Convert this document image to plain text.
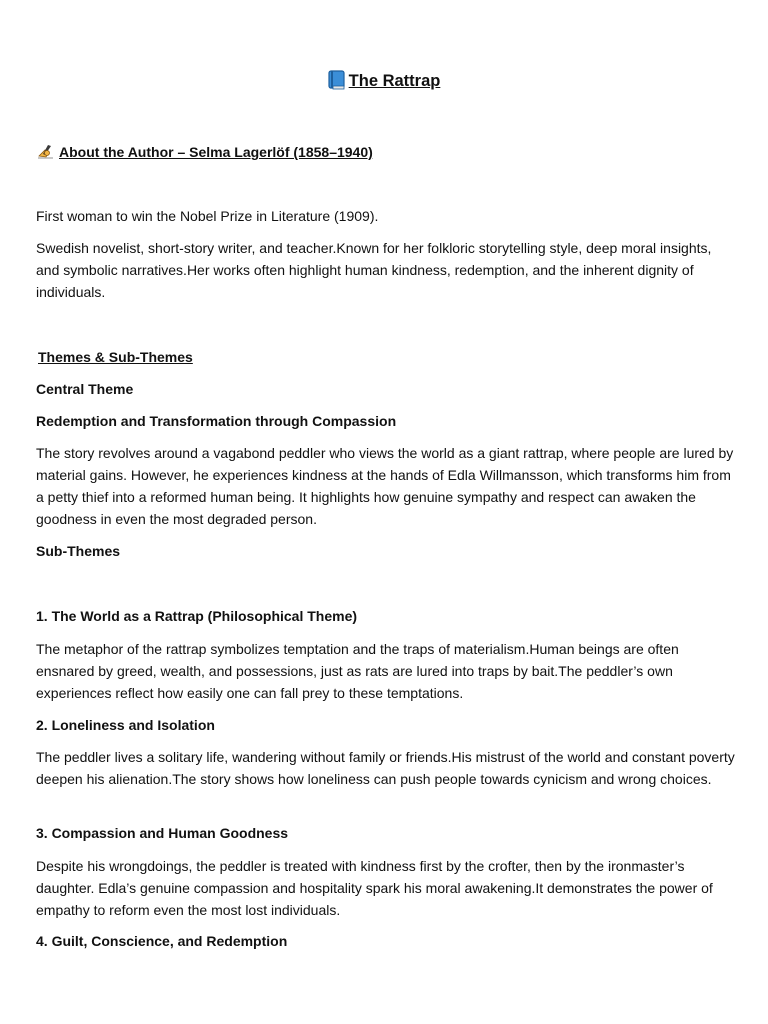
The Rattrap
About the Author – Selma Lagerlöf (1858–1940)

First woman to win the Nobel Prize in Literature (1909).

Swedish novelist, short-story writer, and teacher.Known for her folkloric storytelling style, deep moral insights, and symbolic narratives.Her works often highlight human kindness, redemption, and the inherent dignity of individuals.

Themes & Sub-Themes

Central Theme

Redemption and Transformation through Compassion

The story revolves around a vagabond peddler who views the world as a giant rattrap, where people are lured by material gains. However, he experiences kindness at the hands of Edla Willmansson, which transforms him from a petty thief into a reformed human being. It highlights how genuine sympathy and respect can awaken the goodness in even the most degraded person.

Sub-Themes

1. The World as a Rattrap (Philosophical Theme)

The metaphor of the rattrap symbolizes temptation and the traps of materialism.Human beings are often ensnared by greed, wealth, and possessions, just as rats are lured into traps by bait.The peddler’s own experiences reflect how easily one can fall prey to these temptations.

2. Loneliness and Isolation

The peddler lives a solitary life, wandering without family or friends.His mistrust of the world and constant poverty deepen his alienation.The story shows how loneliness can push people towards cynicism and wrong choices.

3. Compassion and Human Goodness

Despite his wrongdoings, the peddler is treated with kindness first by the crofter, then by the ironmaster’s daughter. Edla’s genuine compassion and hospitality spark his moral awakening.It demonstrates the power of empathy to reform even the most lost individuals.

4. Guilt, Conscience, and Redemption
